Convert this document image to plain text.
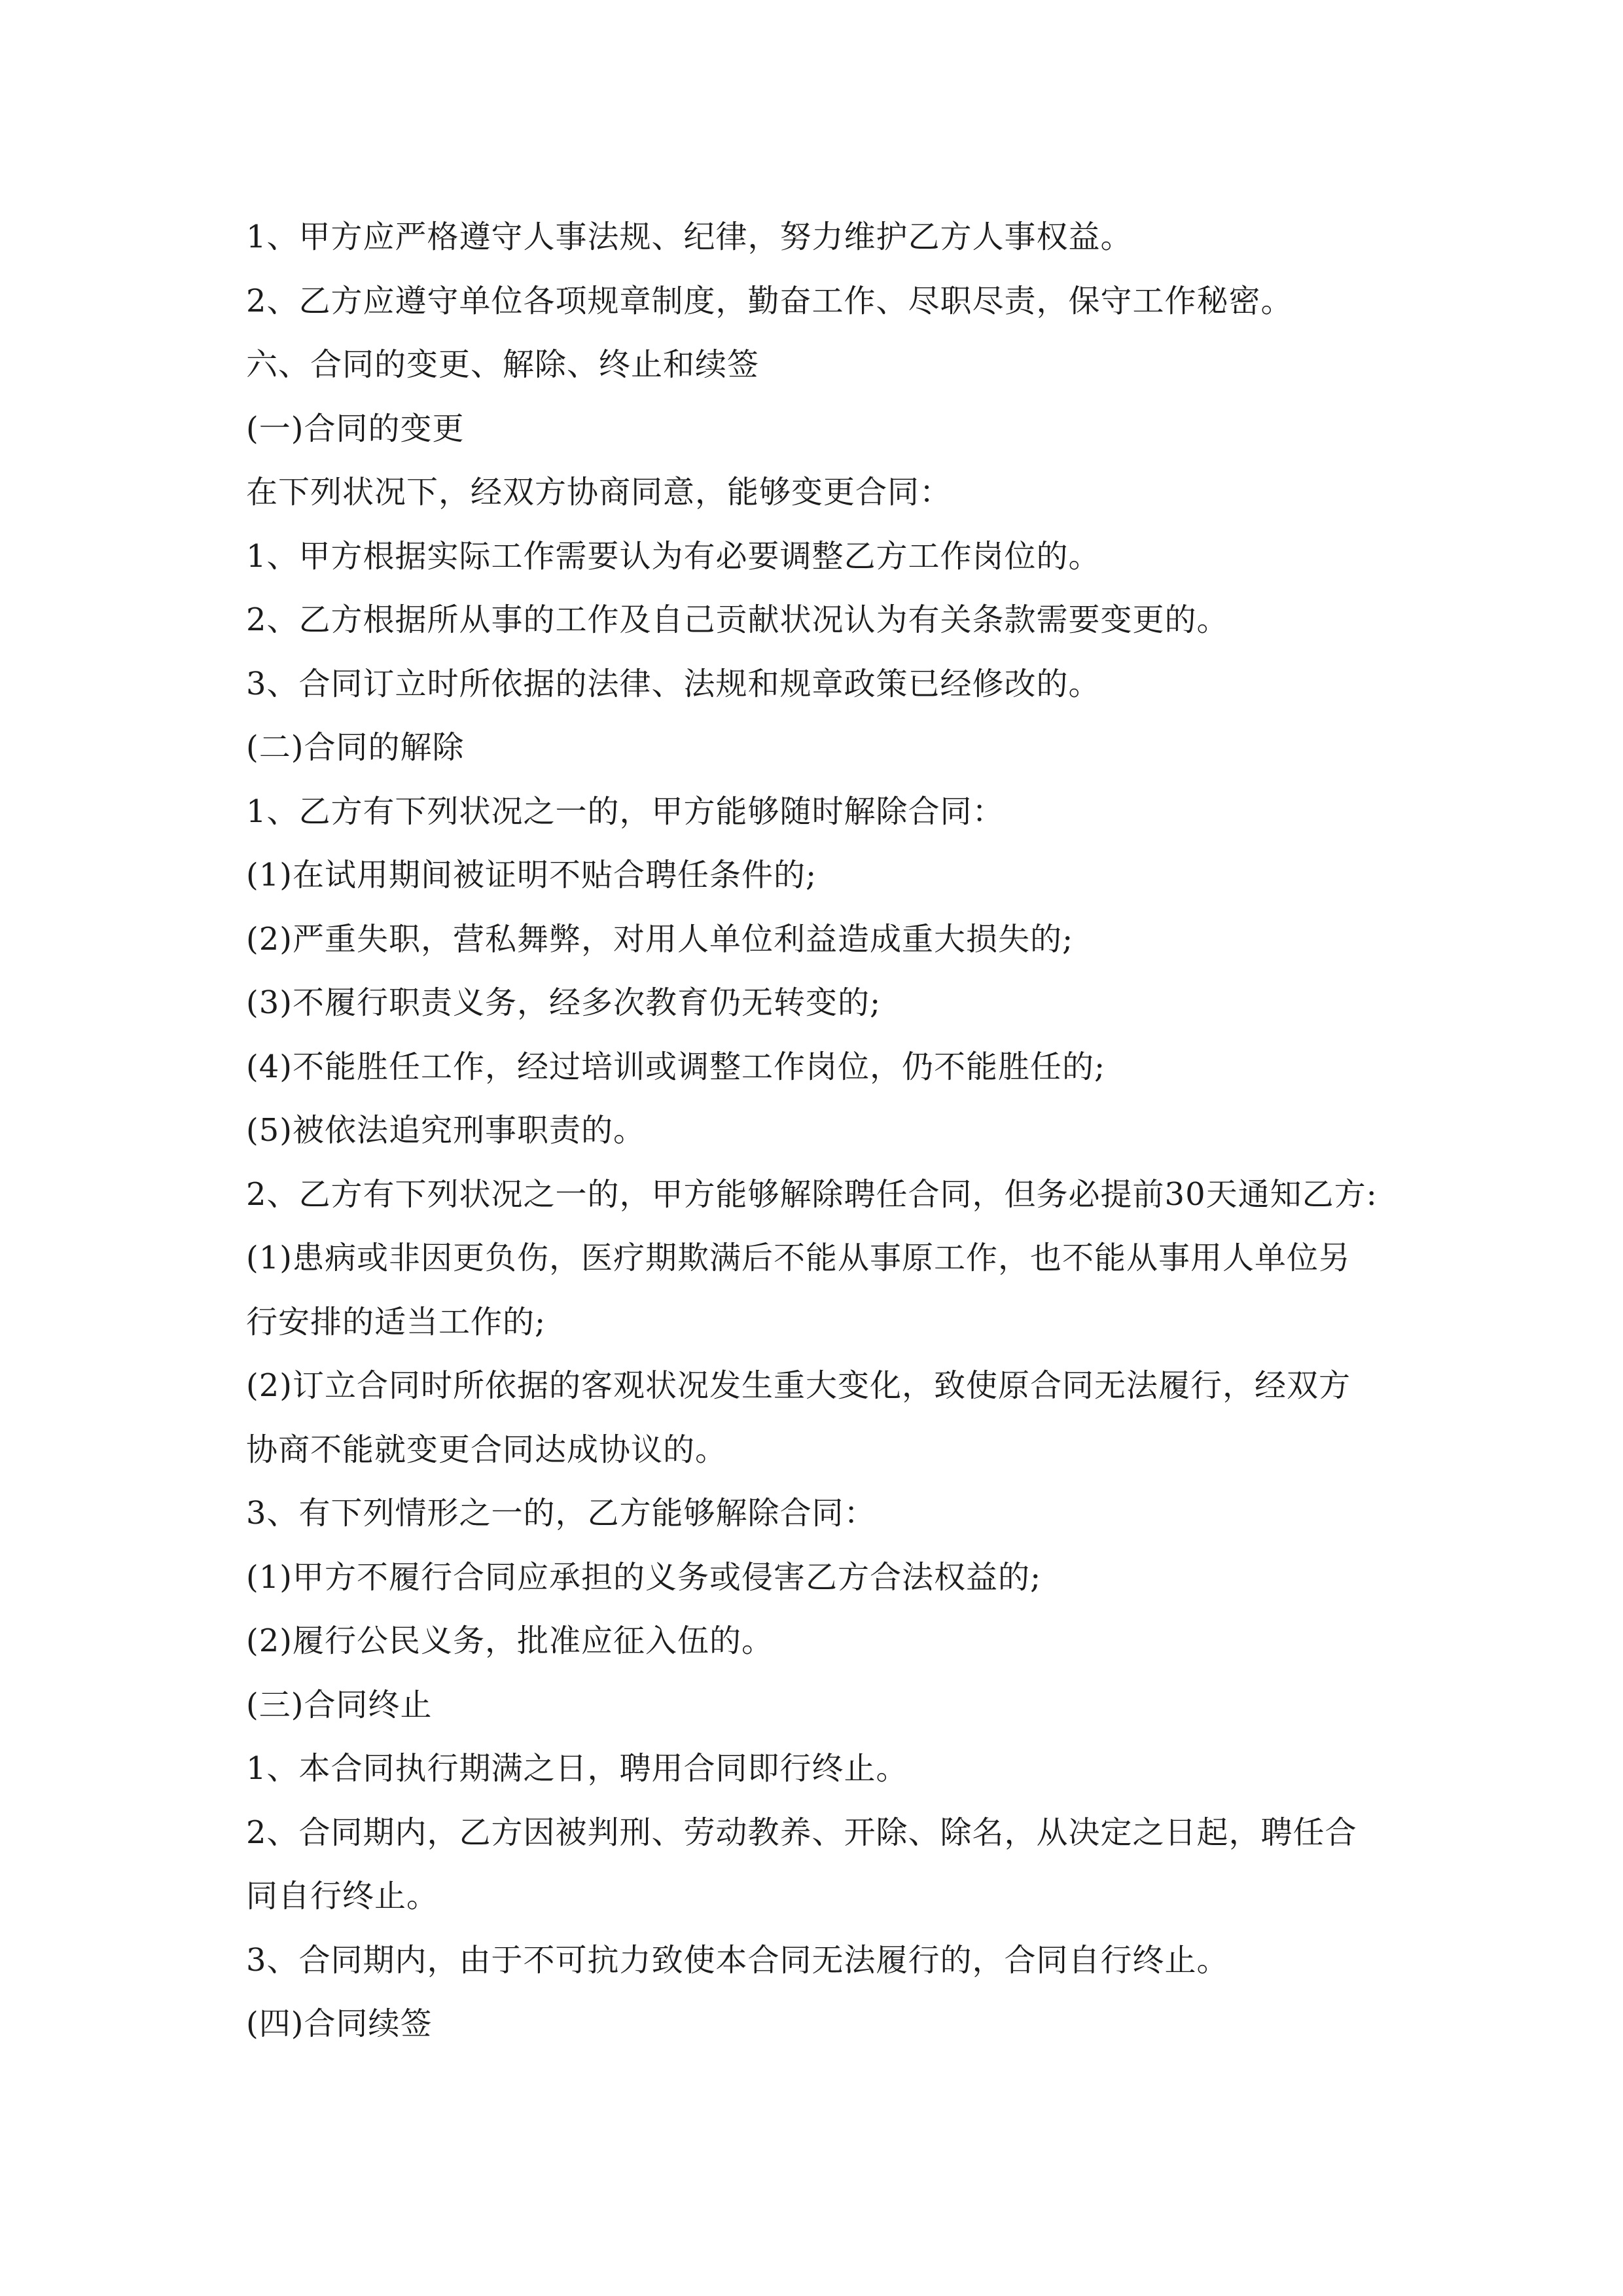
1、甲方应严格遵守人事法规、纪律，努力维护乙方人事权益。
2、乙方应遵守单位各项规章制度，勤奋工作、尽职尽责，保守工作秘密。
六、合同的变更、解除、终止和续签
(一)合同的变更
在下列状况下，经双方协商同意，能够变更合同：
1、甲方根据实际工作需要认为有必要调整乙方工作岗位的。
2、乙方根据所从事的工作及自己贡献状况认为有关条款需要变更的。
3、合同订立时所依据的法律、法规和规章政策已经修改的。
(二)合同的解除
1、乙方有下列状况之一的，甲方能够随时解除合同：
(1)在试用期间被证明不贴合聘任条件的;
(2)严重失职，营私舞弊，对用人单位利益造成重大损失的;
(3)不履行职责义务，经多次教育仍无转变的;
(4)不能胜任工作，经过培训或调整工作岗位，仍不能胜任的;
(5)被依法追究刑事职责的。
2、乙方有下列状况之一的，甲方能够解除聘任合同，但务必提前30天通知乙方:
(1)患病或非因更负伤，医疗期欺满后不能从事原工作，也不能从事用人单位另
行安排的适当工作的;
(2)订立合同时所依据的客观状况发生重大变化，致使原合同无法履行，经双方
协商不能就变更合同达成协议的。
3、有下列情形之一的，乙方能够解除合同：
(1)甲方不履行合同应承担的义务或侵害乙方合法权益的;
(2)履行公民义务，批准应征入伍的。
(三)合同终止
1、本合同执行期满之日，聘用合同即行终止。
2、合同期内，乙方因被判刑、劳动教养、开除、除名，从决定之日起，聘任合
同自行终止。
3、合同期内，由于不可抗力致使本合同无法履行的，合同自行终止。
(四)合同续签
